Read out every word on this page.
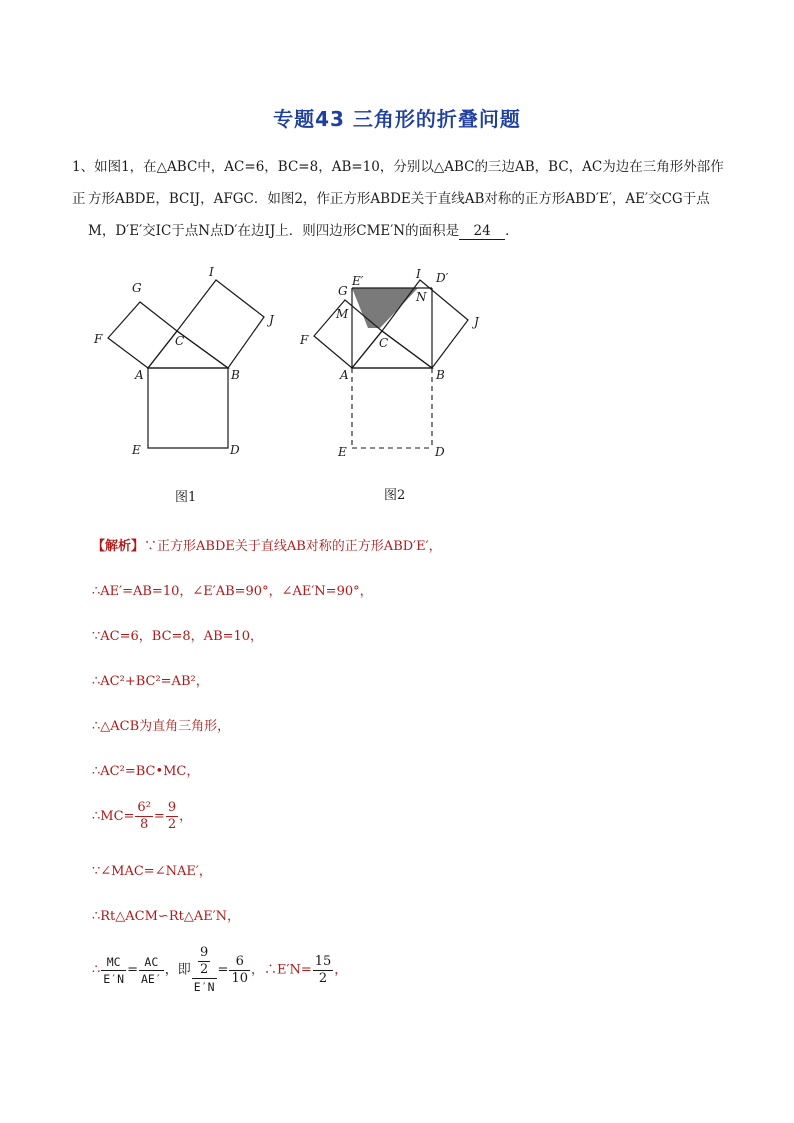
专题43 三角形的折叠问题
1、如图1，在△ABC中，AC=6，BC=8，AB=10，分别以△ABC的三边AB，BC，AC为边在三角形外部作正 方形ABDE，BCIJ，AFGC．如图2，作正方形ABDE关于直线AB对称的正方形ABD′E′，AE′交CG于点
M，D′E′交IC于点N点D′在边IJ上．则四边形CME′N的面积是 24 ．
G
I
F	C
J
A	B
E	D
图1
E′	I D′
G	N
M
F	C
J
A	B
E	D
图2
【解析】∵正方形ABDE关于直线AB对称的正方形ABD′E′，
∴AE′=AB=10，∠E′AB=90°，∠AE′N=90°，
∵AC=6，BC=8，AB=10，
∴AC²+BC²=AB²，
∴△ACB为直角三角形，
∴AC²=BC•MC，
∴MC= $\frac{\text{6²}}{8} = \frac{9}{2}$ ，
∵∠MAC=∠NAE′，
∴Rt△ACM∽Rt△AE′N，
∴ $\frac{MC}{E'N} = \frac{AC}{AE'}$ ，即 $\frac{\frac{9}{2}}{E'N} = \frac{6}{10}$ ，∴E′N= $\frac{15}{2}$ ，
